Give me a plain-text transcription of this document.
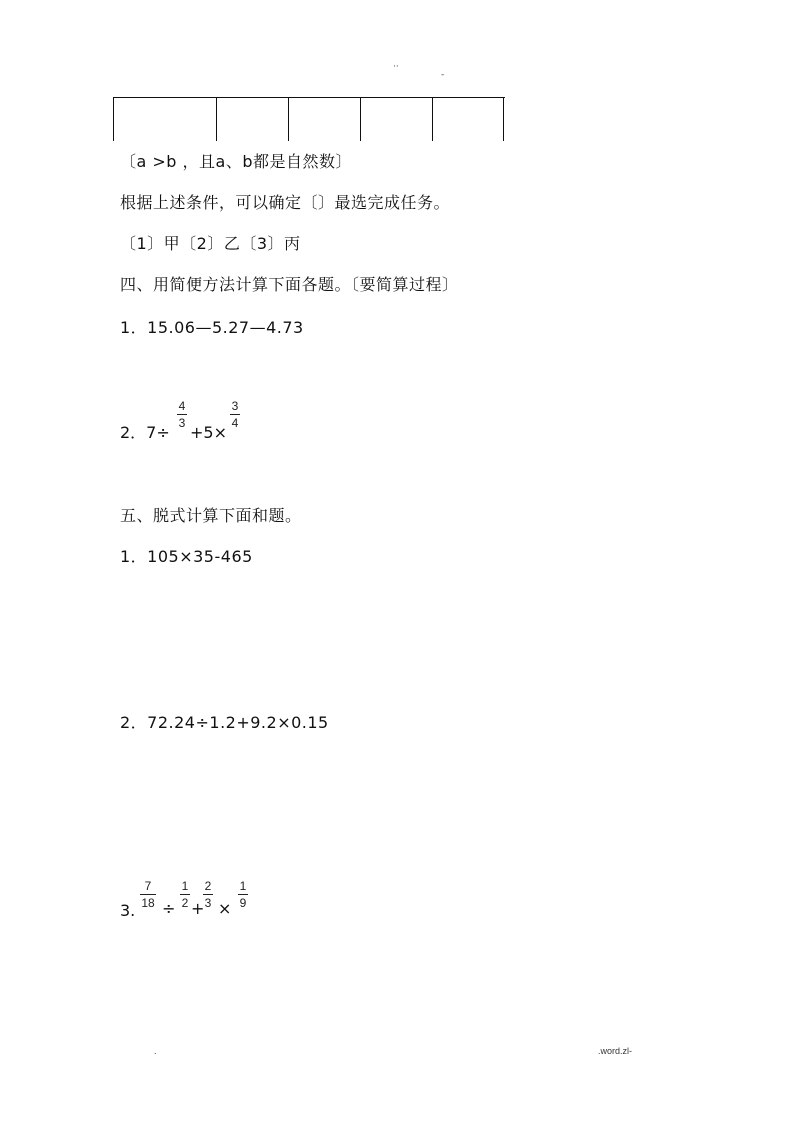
··
-
〔a >b ，且a、b都是自然数〕
根据上述条件，可以确定〔〕最选完成任务。
〔1〕甲〔2〕乙〔3〕丙
四、用简便方法计算下面各题。〔要简算过程〕
1．15.06—5.27—4.73
2．7÷
4
3 +5×
3
4
五、脱式计算下面和题。
1．105×35-465
2．72.24÷1.2+9.2×0.15
3.
7
18 ÷
1
2 +
2
3 ×
1
9
.	.word.zl-
